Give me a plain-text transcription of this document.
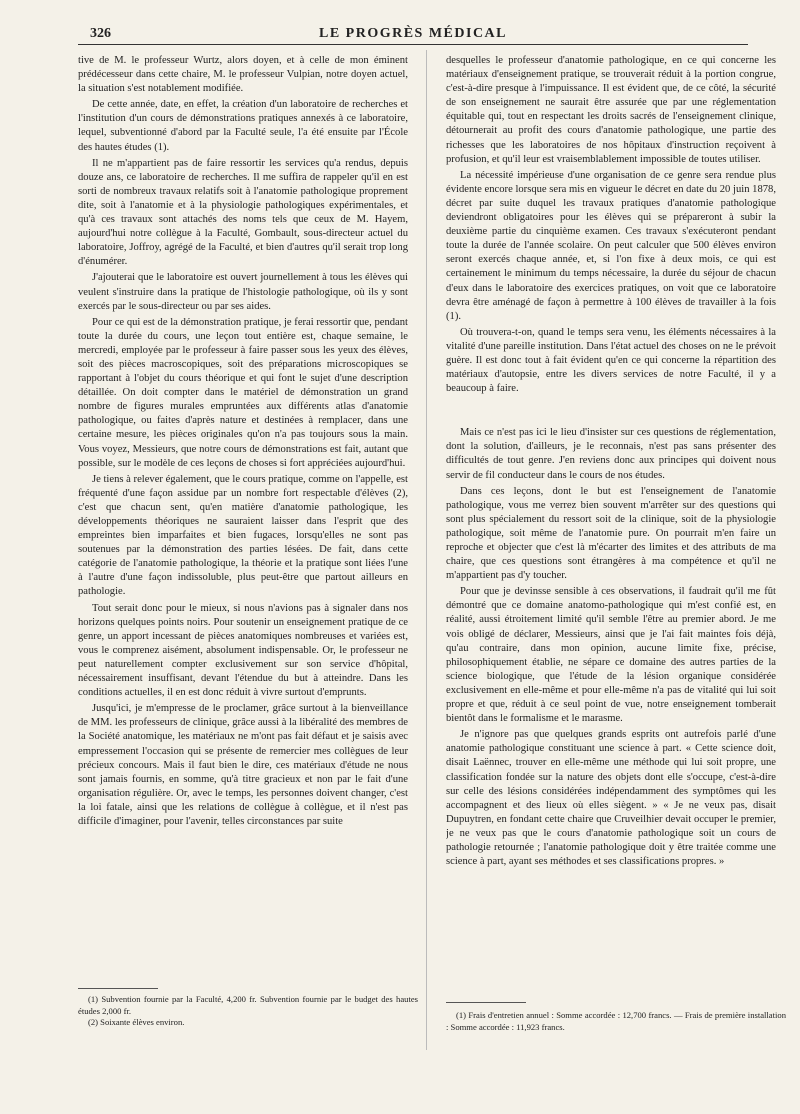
326	LE PROGRÈS MÉDICAL

tive de M. le professeur Wurtz, alors doyen, et à celle de mon éminent prédécesseur dans cette chaire, M. le professeur Vulpian, notre doyen actuel, la situation s'est notablement modifiée.

De cette année, date, en effet, la création d'un laboratoire de recherches et l'institution d'un cours de démonstrations pratiques annexés à ce laboratoire, lequel, subventionné d'abord par la Faculté seule, l'a été ensuite par l'École des hautes études (1).

Il ne m'appartient pas de faire ressortir les services qu'a rendus, depuis douze ans, ce laboratoire de recherches. Il me suffira de rappeler qu'il en est sorti de nombreux travaux relatifs soit à l'anatomie pathologique proprement dite, soit à l'anatomie et à la physiologie pathologiques expérimentales, et qu'à ces travaux sont attachés des noms tels que ceux de M. Hayem, aujourd'hui notre collègue à la Faculté, Gombault, sous-directeur actuel du laboratoire, Joffroy, agrégé de la Faculté, et bien d'autres qu'il serait trop long d'énumérer.

J'ajouterai que le laboratoire est ouvert journellement à tous les élèves qui veulent s'instruire dans la pratique de l'histologie pathologique, où ils y sont exercés par le sous-directeur ou par ses aides.

Pour ce qui est de la démonstration pratique, je ferai ressortir que, pendant toute la durée du cours, une leçon tout entière est, chaque semaine, le mercredi, employée par le professeur à faire passer sous les yeux des élèves, soit des pièces macroscopiques, soit des préparations microscopiques se rapportant à l'objet du cours théorique et qui font le sujet d'une description détaillée. On doit compter dans le matériel de démonstration un grand nombre de figures murales empruntées aux différents atlas d'anatomie pathologique, ou faites d'après nature et destinées à remplacer, dans une certaine mesure, les pièces originales qu'on n'a pas toujours sous la main. Vous voyez, Messieurs, que notre cours de démonstrations est fait, autant que possible, sur le modèle de ces leçons de choses si fort appréciées aujourd'hui.

Je tiens à relever également, que le cours pratique, comme on l'appelle, est fréquenté d'une façon assidue par un nombre fort respectable d'élèves (2), c'est que chacun sent, qu'en matière d'anatomie pathologique, les développements théoriques ne sauraient laisser dans l'esprit que des empreintes bien imparfaites et bien fugaces, lorsqu'elles ne sont pas soutenues par la démonstration des parties lésées. De fait, dans cette catégorie de l'anatomie pathologique, la théorie et la pratique sont liées l'une à l'autre d'une façon indissoluble, plus peut-être que partout ailleurs en pathologie.

Tout serait donc pour le mieux, si nous n'avions pas à signaler dans nos horizons quelques points noirs. Pour soutenir un enseignement pratique de ce genre, un apport incessant de pièces anatomiques nombreuses et variées est, vous le comprenez aisément, absolument indispensable. Or, le professeur ne peut naturellement compter exclusivement sur son service d'hôpital, nécessairement insuffisant, devant l'étendue du but à atteindre. Dans les conditions actuelles, il en est donc réduit à vivre surtout d'emprunts.

Jusqu'ici, je m'empresse de le proclamer, grâce surtout à la bienveillance de MM. les professeurs de clinique, grâce aussi à la libéralité des membres de la Société anatomique, les matériaux ne m'ont pas fait défaut et je saisis avec empressement l'occasion qui se présente de remercier mes collègues de leur précieux concours. Mais il faut bien le dire, ces matériaux d'étude ne nous sont jamais fournis, en somme, qu'à titre gracieux et non par le fait d'une organisation régulière. Or, avec le temps, les personnes doivent changer, c'est la loi fatale, ainsi que les relations de collègue à collègue, et il n'est pas difficile d'imaginer, pour l'avenir, telles circonstances par suite

desquelles le professeur d'anatomie pathologique, en ce qui concerne les matériaux d'enseignement pratique, se trouverait réduit à la portion congrue, c'est-à-dire presque à l'impuissance. Il est évident que, de ce côté, la sécurité de son enseignement ne saurait être assurée que par une réglementation équitable qui, tout en respectant les droits sacrés de l'enseignement clinique, détournerait au profit des cours d'anatomie pathologique, une partie des richesses que les laboratoires de nos hôpitaux d'instruction reçoivent à profusion, et qu'il leur est vraisemblablement impossible de toutes utiliser.

La nécessité impérieuse d'une organisation de ce genre sera rendue plus évidente encore lorsque sera mis en vigueur le décret en date du 20 juin 1878, décret par suite duquel les travaux pratiques d'anatomie pathologique deviendront obligatoires pour les élèves qui se prépareront à subir la deuxième partie du cinquième examen. Ces travaux s'exécuteront pendant toute la durée de l'année scolaire. On peut calculer que 500 élèves environ seront exercés chaque année, et, si l'on fixe à deux mois, ce qui est certainement le minimum du temps nécessaire, la durée du séjour de chacun d'eux dans le laboratoire des exercices pratiques, on voit que ce laboratoire devra être aménagé de façon à permettre à 100 élèves de travailler à la fois (1).

Où trouvera-t-on, quand le temps sera venu, les éléments nécessaires à la vitalité d'une pareille institution. Dans l'état actuel des choses on ne le prévoit guère. Il est donc tout à fait évident qu'en ce qui concerne la répartition des matériaux d'autopsie, entre les divers services de notre Faculté, il y a beaucoup à faire.

Mais ce n'est pas ici le lieu d'insister sur ces questions de réglementation, dont la solution, d'ailleurs, je le reconnais, n'est pas sans présenter des difficultés de tout genre. J'en reviens donc aux principes qui doivent nous servir de fil conducteur dans le cours de nos études.

Dans ces leçons, dont le but est l'enseignement de l'anatomie pathologique, vous me verrez bien souvent m'arrêter sur des questions qui sont plus spécialement du ressort soit de la clinique, soit de la physiologie pathologique, soit même de l'anatomie pure. On pourrait m'en faire un reproche et objecter que c'est là m'écarter des limites et des attributs de ma chaire, que ces questions sont étrangères à ma compétence et qu'il ne m'appartient pas d'y toucher.

Pour que je devinsse sensible à ces observations, il faudrait qu'il me fût démontré que ce domaine anatomo-pathologique qui m'est confié est, en réalité, aussi étroitement limité qu'il semble l'être au premier abord. Je me vois obligé de déclarer, Messieurs, ainsi que je l'ai fait maintes fois déjà, qu'au contraire, dans mon opinion, aucune limite fixe, précise, philosophiquement établie, ne sépare ce domaine des autres parties de la science biologique, que l'étude de la lésion organique considérée exclusivement en elle-même et pour elle-même n'a pas de vitalité qui lui soit propre et que, réduit à ce seul point de vue, notre enseignement tomberait bientôt dans le formalisme et le marasme.

Je n'ignore pas que quelques grands esprits ont autrefois parlé d'une anatomie pathologique constituant une science à part. « Cette science doit, disait Laënnec, trouver en elle-même une méthode qui lui soit propre, une classification fondée sur la nature des objets dont elle s'occupe, c'est-à-dire sur celle des lésions considérées indépendamment des symptômes qui les accompagnent et des lieux où elles siègent. » « Je ne veux pas, disait Dupuytren, en fondant cette chaire que Cruveilhier devait occuper le premier, je ne veux pas que le cours d'anatomie pathologique soit un cours de pathologie retournée ; l'anatomie pathologique doit y être traitée comme une science à part, ayant ses méthodes et ses classifications propres. »

(1) Subvention fournie par la Faculté, 4,200 fr. Subvention fournie par le budget des hautes études 2,000 fr.
(2) Soixante élèves environ.
(1) Frais d'entretien annuel : Somme accordée : 12,700 francs. — Frais de première installation : Somme accordée : 11,923 francs.
